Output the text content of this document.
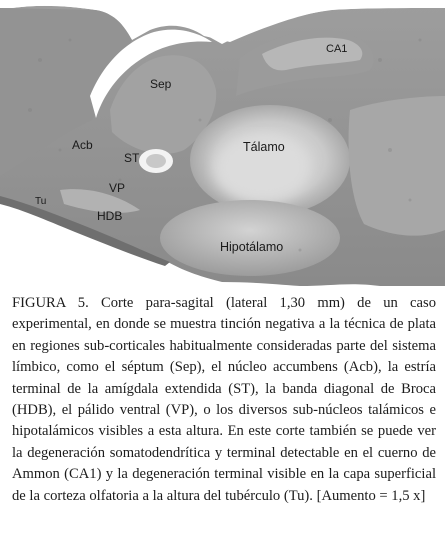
CA1
Sep
Acb
ST
Tálamo
VP
Tu
HDB
Hipotálamo

FIGURA 5. Corte para-sagital (lateral 1,30 mm) de un caso experimental, en donde se muestra tinción negativa a la técnica de plata en regiones sub-corticales habitualmente consideradas parte del sistema límbico, como el séptum (Sep), el núcleo accumbens (Acb), la estría terminal de la amígdala extendida (ST), la banda diagonal de Broca (HDB), el pálido ventral (VP), o los diversos sub-núcleos talámicos e hipotalámicos visibles a esta altura. En este corte también se puede ver la degeneración somatodendrítica y terminal detectable en el cuerno de Ammon (CA1) y la degeneración terminal visible en la capa superficial de la corteza olfatoria a la altura del tubérculo (Tu). [Aumento = 1,5 x]
